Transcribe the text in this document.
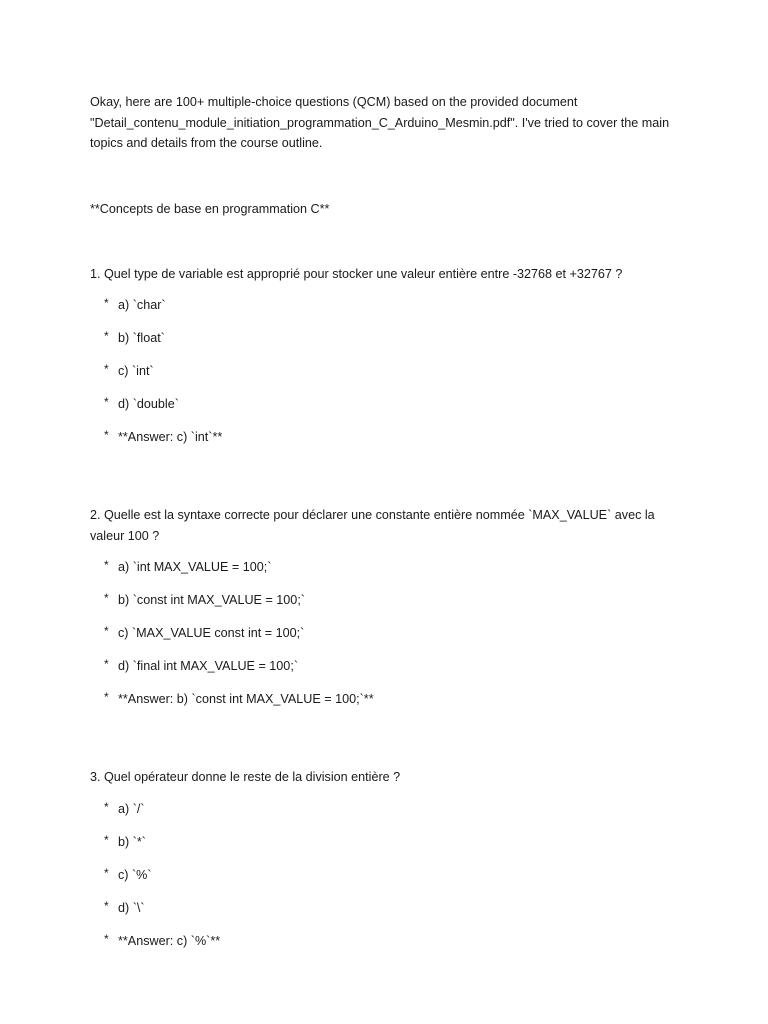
Okay, here are 100+ multiple-choice questions (QCM) based on the provided document "Detail_contenu_module_initiation_programmation_C_Arduino_Mesmin.pdf". I've tried to cover the main topics and details from the course outline.

**Concepts de base en programmation C**

1. Quel type de variable est approprié pour stocker une valeur entière entre -32768 et +32767 ?

* a) `char`
* b) `float`
* c) `int`
* d) `double`
* **Answer: c) `int`**

2. Quelle est la syntaxe correcte pour déclarer une constante entière nommée `MAX_VALUE` avec la valeur 100 ?

* a) `int MAX_VALUE = 100;`
* b) `const int MAX_VALUE = 100;`
* c) `MAX_VALUE const int = 100;`
* d) `final int MAX_VALUE = 100;`
* **Answer: b) `const int MAX_VALUE = 100;`**

3. Quel opérateur donne le reste de la division entière ?

* a) `/`
* b) `*`
* c) `%`
* d) `\`
* **Answer: c) `%`**
